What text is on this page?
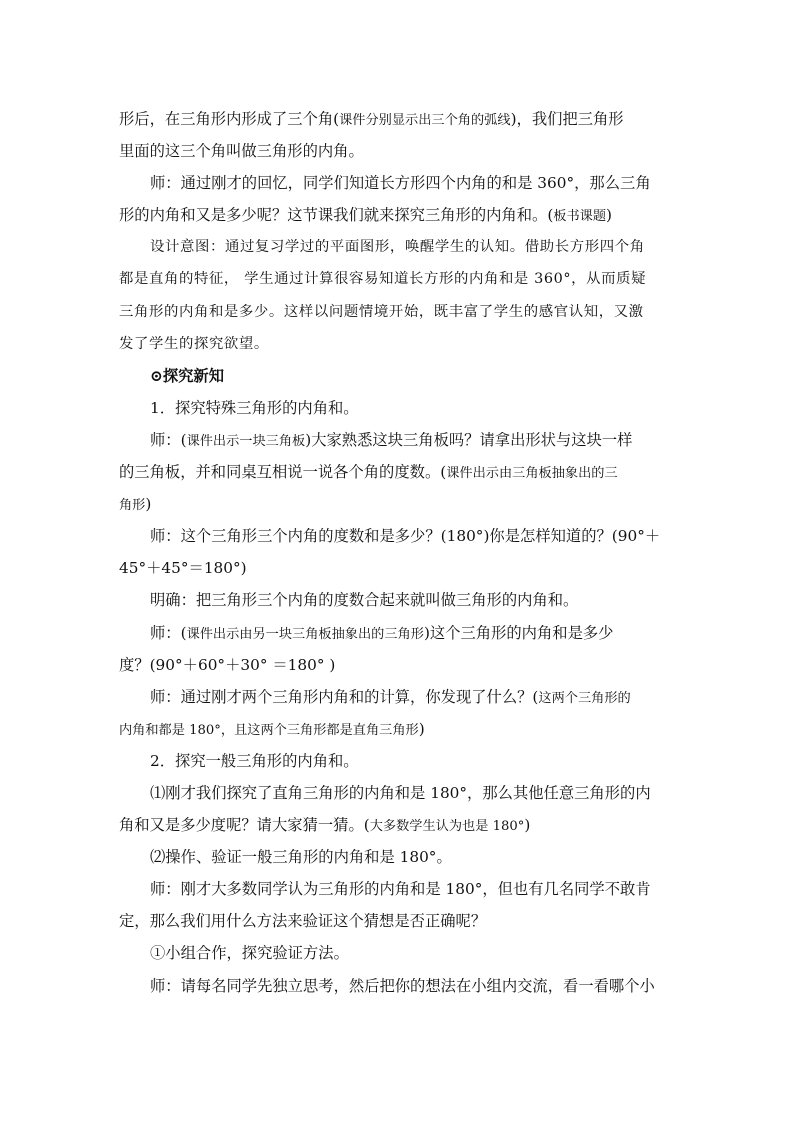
形后，在三角形内形成了三个角(课件分别显示出三个角的弧线)，我们把三角形
里面的这三个角叫做三角形的内角。
师：通过刚才的回忆，同学们知道长方形四个内角的和是 360°，那么三角
形的内角和又是多少呢？这节课我们就来探究三角形的内角和。(板书课题)
设计意图：通过复习学过的平面图形，唤醒学生的认知。借助长方形四个角
都是直角的特征， 学生通过计算很容易知道长方形的内角和是 360°，从而质疑
三角形的内角和是多少。这样以问题情境开始，既丰富了学生的感官认知，又激
发了学生的探究欲望。
⊙探究新知
1．探究特殊三角形的内角和。
师：(课件出示一块三角板)大家熟悉这块三角板吗？请拿出形状与这块一样
的三角板，并和同桌互相说一说各个角的度数。(课件出示由三角板抽象出的三
角形)
师：这个三角形三个内角的度数和是多少？(180°)你是怎样知道的？(90°＋
45°＋45°＝180°)
明确：把三角形三个内角的度数合起来就叫做三角形的内角和。
师：(课件出示由另一块三角板抽象出的三角形)这个三角形的内角和是多少
度？(90°＋60°＋30° ＝180° )
师：通过刚才两个三角形内角和的计算，你发现了什么？(这两个三角形的
内角和都是 180°，且这两个三角形都是直角三角形)
2．探究一般三角形的内角和。
⑴刚才我们探究了直角三角形的内角和是 180°，那么其他任意三角形的内
角和又是多少度呢？请大家猜一猜。(大多数学生认为也是 180°)
⑵操作、验证一般三角形的内角和是 180°。
师：刚才大多数同学认为三角形的内角和是 180°，但也有几名同学不敢肯
定，那么我们用什么方法来验证这个猜想是否正确呢？
①小组合作，探究验证方法。
师：请每名同学先独立思考，然后把你的想法在小组内交流，看一看哪个小
